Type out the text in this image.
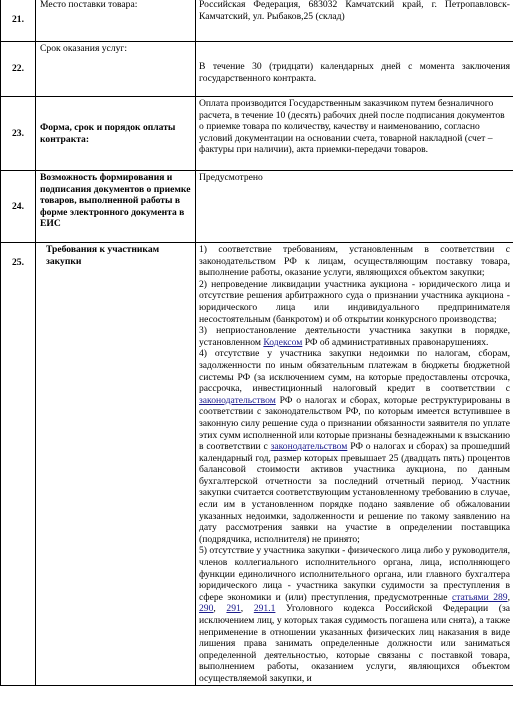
21.	Место поставки товара:	Российская Федерация, 683032 Камчатский край, г. Петропавловск-Камчатский, ул. Рыбаков,25 (склад)
22.	Срок оказания услуг:	В течение 30 (тридцати) календарных дней с момента заключения государственного контракта.
23.	Форма, срок и порядок оплаты контракта:	Оплата производится Государственным заказчиком путем безналичного расчета, в течение 10 (десять) рабочих дней после подписания документов о приемке товара по количеству, качеству и наименованию, согласно условий документации на основании счета, товарной накладной (счет – фактуры при наличии), акта приемки-передачи товаров.
24.	Возможность формирования и подписания документов о приемке товаров, выполненной работы в форме электронного документа в ЕИС	Предусмотрено
25.	Требования к участникам закупки	1) соответствие требованиям, установленным в соответствии с законодательством РФ к лицам, осуществляющим поставку товара, выполнение работы, оказание услуги, являющихся объектом закупки;
2) непроведение ликвидации участника аукциона - юридического лица и отсутствие решения арбитражного суда о признании участника аукциона - юридического лица или индивидуального предпринимателя несостоятельным (банкротом) и об открытии конкурсного производства;
3) неприостановление деятельности участника закупки в порядке, установленном Кодексом РФ об административных правонарушениях.
4) отсутствие у участника закупки недоимки по налогам, сборам, задолженности по иным обязательным платежам в бюджеты бюджетной системы РФ (за исключением сумм, на которые предоставлены отсрочка, рассрочка, инвестиционный налоговый кредит в соответствии с законодательством РФ о налогах и сборах, которые реструктурированы в соответствии с законодательством РФ, по которым имеется вступившее в законную силу решение суда о признании обязанности заявителя по уплате этих сумм исполненной или которые признаны безнадежными к взысканию в соответствии с законодательством РФ о налогах и сборах) за прошедший календарный год, размер которых превышает 25 (двадцать пять) процентов балансовой стоимости активов участника аукциона, по данным бухгалтерской отчетности за последний отчетный период. Участник закупки считается соответствующим установленному требованию в случае, если им в установленном порядке подано заявление об обжаловании указанных недоимки, задолженности и решение по такому заявлению на дату рассмотрения заявки на участие в определении поставщика (подрядчика, исполнителя) не принято;
5) отсутствие у участника закупки - физического лица либо у руководителя, членов коллегиального исполнительного органа, лица, исполняющего функции единоличного исполнительного органа, или главного бухгалтера юридического лица - участника закупки судимости за преступления в сфере экономики и (или) преступления, предусмотренные статьями 289, 290, 291, 291.1 Уголовного кодекса Российской Федерации (за исключением лиц, у которых такая судимость погашена или снята), а также неприменение в отношении указанных физических лиц наказания в виде лишения права занимать определенные должности или заниматься определенной деятельностью, которые связаны с поставкой товара, выполнением работы, оказанием услуги, являющихся объектом осуществляемой закупки, и
